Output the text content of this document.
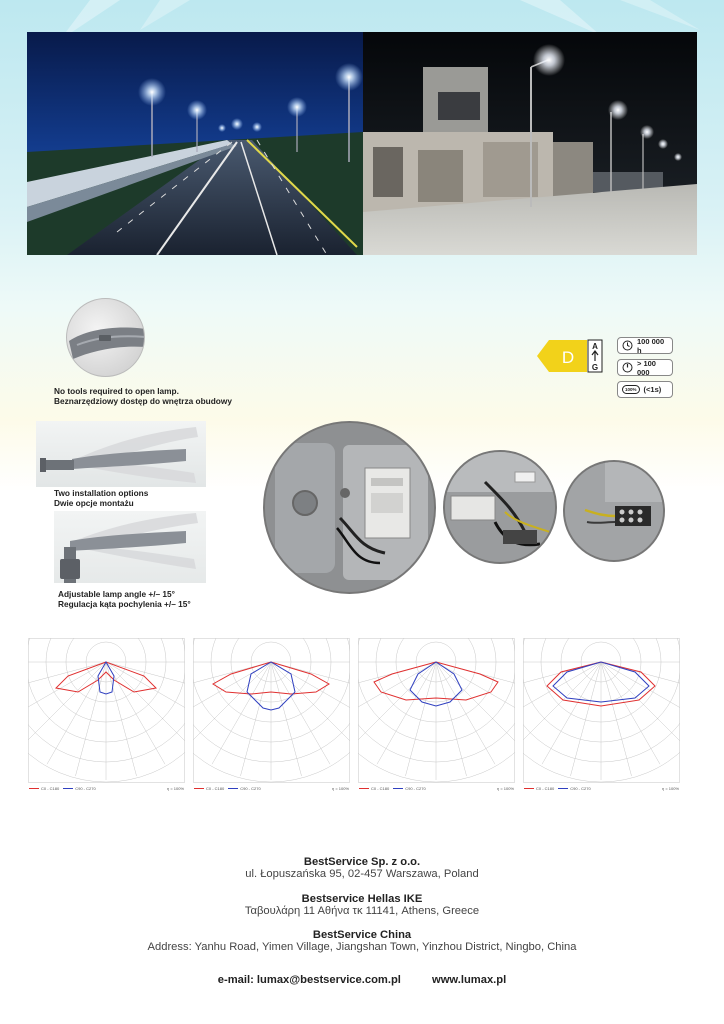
No tools required to open lamp.
Beznarzędziowy dostęp do wnętrza obudowy
D
A
G
100 000 h
> 100 000
100% (<1s)
Two installation options
Dwie opcje montażu
Adjustable lamp angle +/– 15°
Regulacja kąta pochylenia +/– 15°
C0 - C180	C90 - C270	η = 100%	C0 - C180	C90 - C270	η = 100%	C0 - C180	C90 - C270	η = 100%	C0 - C180	C90 - C270	η = 100%
BestService Sp. z o.o.
ul. Łopuszańska 95, 02-457 Warszawa, Poland
Bestservice Hellas IKE
Ταβουλάρη 11 Αθήνα τκ 11141, Athens, Greece
BestService China
Address: Yanhu Road, Yimen Village, Jiangshan Town, Yinzhou District, Ningbo, China
e-mail: lumax@bestservice.com.pl	www.lumax.pl
